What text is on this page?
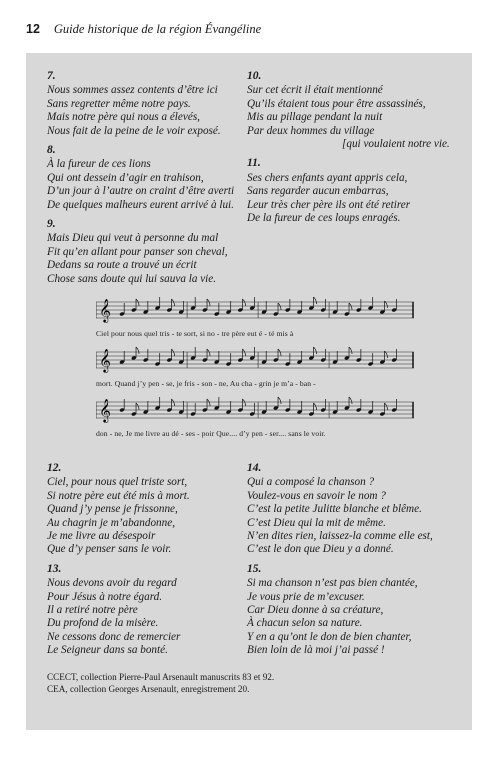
12 Guide historique de la région Évangéline
7.
Nous sommes assez contents d’être ici
Sans regretter même notre pays.
Mais notre père qui nous a élevés,
Nous fait de la peine de le voir exposé.
8.
À la fureur de ces lions
Qui ont dessein d’agir en trahison,
D’un jour à l’autre on craint d’être averti
De quelques malheurs eurent arrivé à lui.
9.
Mais Dieu qui veut à personne du mal
Fit qu’en allant pour panser son cheval,
Dedans sa route a trouvé un écrit
Chose sans doute qui lui sauva la vie.
10.
Sur cet écrit il était mentionné
Qu’ils étaient tous pour être assassinés,
Mis au pillage pendant la nuit
Par deux hommes du village
[qui voulaient notre vie.
11.
Ses chers enfants ayant appris cela,
Sans regarder aucun embarras,
Leur très cher père ils ont été retirer
De la fureur de ces loups enragés.
𝄞
Ciel pour nous quel tris - te sort, si no - tre père eut é - té mis à
𝄞
mort. Quand j’y pen - se, je fris - son - ne, Au cha - grin je m’a - ban -
𝄞
don - ne, Je me livre au dé - ses - poir Que.... d’y pen - ser.... sans le voir.
12.
Ciel, pour nous quel triste sort,
Si notre père eut été mis à mort.
Quand j’y pense je frissonne,
Au chagrin je m’abandonne,
Je me livre au désespoir
Que d’y penser sans le voir.
13.
Nous devons avoir du regard
Pour Jésus à notre égard.
Il a retiré notre père
Du profond de la misère.
Ne cessons donc de remercier
Le Seigneur dans sa bonté.
14.
Qui a composé la chanson ?
Voulez-vous en savoir le nom ?
C’est la petite Julitte blanche et blême.
C’est Dieu qui la mit de même.
N’en dites rien, laissez-la comme elle est,
C’est le don que Dieu y a donné.
15.
Si ma chanson n’est pas bien chantée,
Je vous prie de m’excuser.
Car Dieu donne à sa créature,
À chacun selon sa nature.
Y en a qu’ont le don de bien chanter,
Bien loin de là moi j’ai passé !
CCECT, collection Pierre-Paul Arsenault manuscrits 83 et 92.
CEA, collection Georges Arsenault, enregistrement 20.
